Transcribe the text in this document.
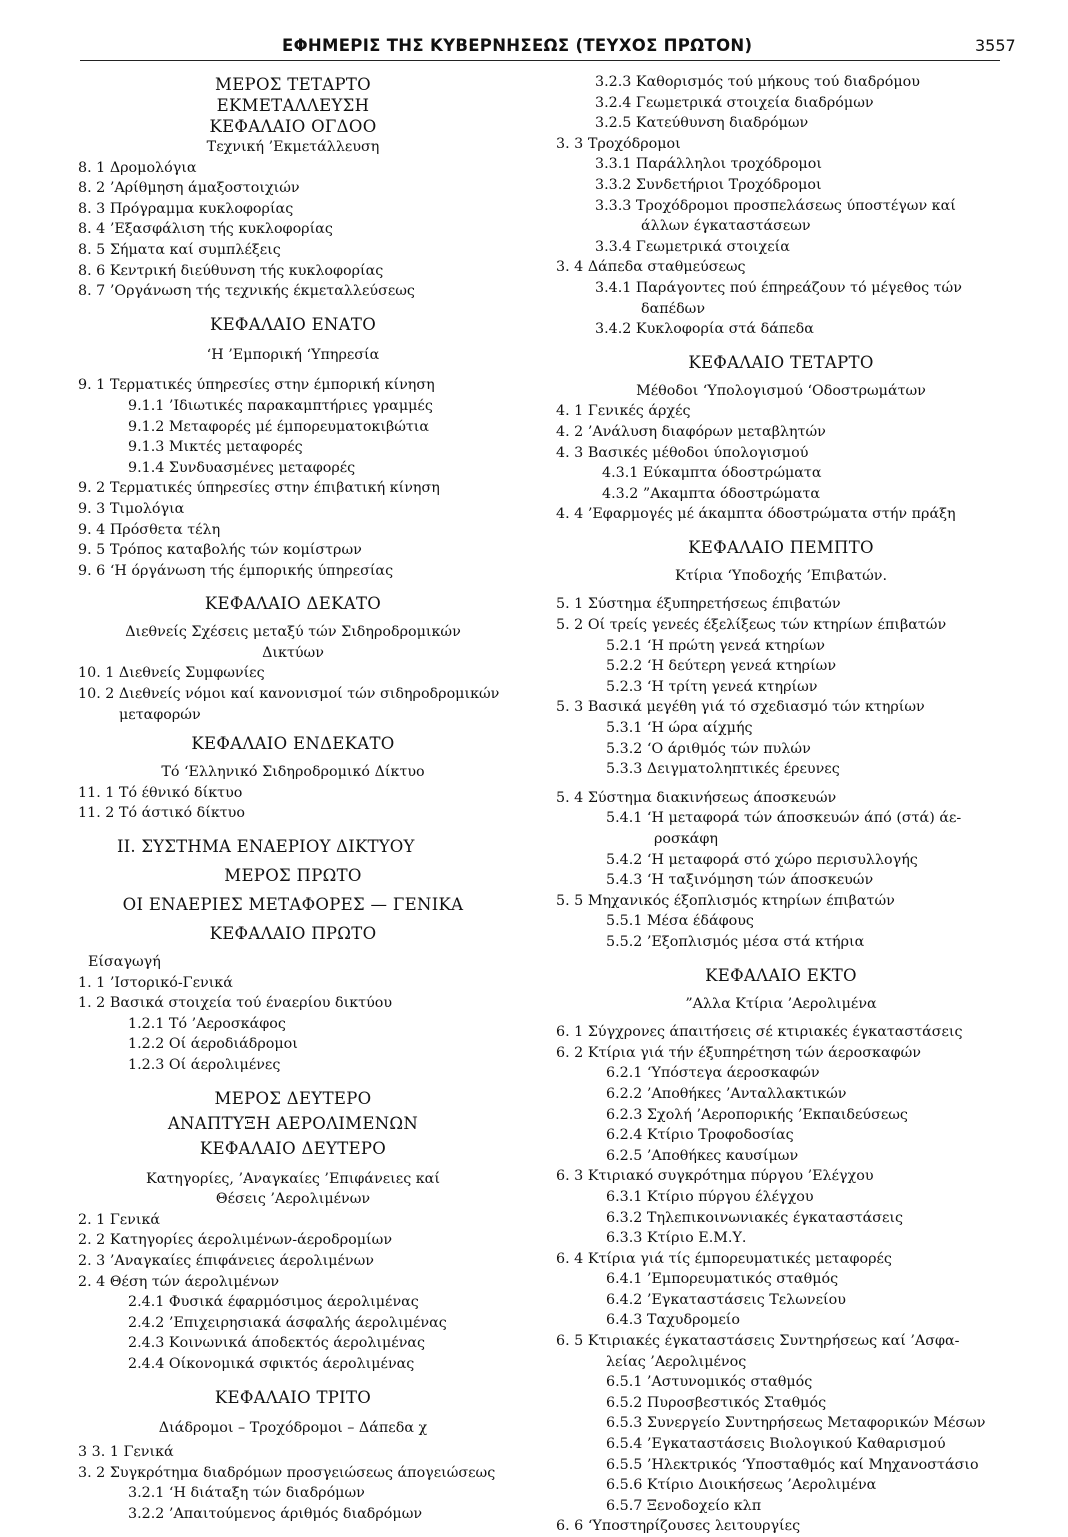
ΕΦΗΜΕΡΙΣ ΤΗΣ ΚΥΒΕΡΝΗΣΕΩΣ (ΤΕΥΧΟΣ ΠΡΩΤΟΝ)	3557
ΜΕΡΟΣ ΤΕΤΑΡΤΟ
ΕΚΜΕΤΑΛΛΕΥΣΗ
ΚΕΦΑΛΑΙΟ ΟΓΔΟΟ
Τεχνική ’Εκμετάλλευση
8. 1 Δρομολόγια
8. 2 ’Αρίθμηση άμαξοστοιχιών
8. 3 Πρόγραμμα κυκλοφορίας
8. 4 ’Εξασφάλιση τής κυκλοφορίας
8. 5 Σήματα καί συμπλέξεις
8. 6 Κεντρική διεύθυνση τής κυκλοφορίας
8. 7 ’Οργάνωση τής τεχνικής έκμεταλλεύσεως
ΚΕΦΑΛΑΙΟ ΕΝΑΤΟ
‘Η ’Εμπορική ‘Υπηρεσία
9. 1 Τερματικές ύπηρεσίες στην έμπορική κίνηση
9.1.1 ’Ιδιωτικές παρακαμπτήριες γραμμές
9.1.2 Μεταφορές μέ έμπορευματοκιβώτια
9.1.3 Μικτές μεταφορές
9.1.4 Συνδυασμένες μεταφορές
9. 2 Τερματικές ύπηρεσίες στην έπιβατική κίνηση
9. 3 Τιμολόγια
9. 4 Πρόσθετα τέλη
9. 5 Τρόπος καταβολής τών κομίστρων
9. 6 ‘Η όργάνωση τής έμπορικής ύπηρεσίας
ΚΕΦΑΛΑΙΟ ΔΕΚΑΤΟ
Διεθνείς Σχέσεις μεταξύ τών Σιδηροδρομικών
Δικτύων
10. 1 Διεθνείς Συμφωνίες
10. 2 Διεθνείς νόμοι καί κανονισμοί τών σιδηροδρομικών
μεταφορών
ΚΕΦΑΛΑΙΟ ΕΝΔΕΚΑΤΟ
Τό ‘Ελληνικό Σιδηροδρομικό Δίκτυο
11. 1 Τό έθνικό δίκτυο
11. 2 Τό άστικό δίκτυο
ΙΙ. ΣΥΣΤΗΜΑ ΕΝΑΕΡΙΟΥ ΔΙΚΤΥΟΥ
ΜΕΡΟΣ ΠΡΩΤΟ
ΟΙ ΕΝΑΕΡΙΕΣ ΜΕΤΑΦΟΡΕΣ — ΓΕΝΙΚΑ
ΚΕΦΑΛΑΙΟ ΠΡΩΤΟ
Είσαγωγή
1. 1 ’Ιστορικό-Γενικά
1. 2 Βασικά στοιχεία τού έναερίου δικτύου
1.2.1 Τό ’Αεροσκάφος
1.2.2 Οί άεροδιάδρομοι
1.2.3 Οί άερολιμένες
ΜΕΡΟΣ ΔΕΥΤΕΡΟ
ΑΝΑΠΤΥΞΗ ΑΕΡΟΛΙΜΕΝΩΝ
ΚΕΦΑΛΑΙΟ ΔΕΥΤΕΡΟ
Κατηγορίες, ’Αναγκαίες ’Επιφάνειες καί
Θέσεις ’Αερολιμένων
2. 1 Γενικά
2. 2 Κατηγορίες άερολιμένων-άεροδρομίων
2. 3 ’Αναγκαίες έπιφάνειες άερολιμένων
2. 4 Θέση τών άερολιμένων
2.4.1 Φυσικά έφαρμόσιμος άερολιμένας
2.4.2 ’Επιχειρησιακά άσφαλής άερολιμένας
2.4.3 Κοινωνικά άποδεκτός άερολιμένας
2.4.4 Οίκονομικά σφικτός άερολιμένας
ΚΕΦΑΛΑΙΟ ΤΡΙΤΟ
Διάδρομοι – Τροχόδρομοι – Δάπεδα χ
3 3. 1 Γενικά
3. 2 Συγκρότημα διαδρόμων προσγειώσεως άπογειώσεως
3.2.1 ‘Η διάταξη τών διαδρόμων
3.2.2 ’Απαιτούμενος άριθμός διαδρόμων
3.2.3 Καθορισμός τού μήκους τού διαδρόμου
3.2.4 Γεωμετρικά στοιχεία διαδρόμων
3.2.5 Κατεύθυνση διαδρόμων
3. 3 Τροχόδρομοι
3.3.1 Παράλληλοι τροχόδρομοι
3.3.2 Συνδετήριοι Τροχόδρομοι
3.3.3 Τροχόδρομοι προσπελάσεως ύποστέγων καί
άλλων έγκαταστάσεων
3.3.4 Γεωμετρικά στοιχεία
3. 4 Δάπεδα σταθμεύσεως
3.4.1 Παράγοντες πού έπηρεάζουν τό μέγεθος τών
δαπέδων
3.4.2 Κυκλοφορία στά δάπεδα
ΚΕΦΑΛΑΙΟ ΤΕΤΑΡΤΟ
Μέθοδοι ‘Υπολογισμού ‘Οδοστρωμάτων
4. 1 Γενικές άρχές
4. 2 ’Ανάλυση διαφόρων μεταβλητών
4. 3 Βασικές μέθοδοι ύπολογισμού
4.3.1 Εύκαμπτα όδοστρώματα
4.3.2 ”Ακαμπτα όδοστρώματα
4. 4 ’Εφαρμογές μέ άκαμπτα όδοστρώματα στήν πράξη
ΚΕΦΑΛΑΙΟ ΠΕΜΠΤΟ
Κτίρια ‘Υποδοχής ’Επιβατών.
5. 1 Σύστημα έξυπηρετήσεως έπιβατών
5. 2 Οί τρείς γενεές έξελίξεως τών κτηρίων έπιβατών
5.2.1 ‘Η πρώτη γενεά κτηρίων
5.2.2 ‘Η δεύτερη γενεά κτηρίων
5.2.3 ‘Η τρίτη γενεά κτηρίων
5. 3 Βασικά μεγέθη γιά τό σχεδιασμό τών κτηρίων
5.3.1 ‘Η ώρα αίχμής
5.3.2 ‘Ο άριθμός τών πυλών
5.3.3 Δειγματοληπτικές έρευνες
5. 4 Σύστημα διακινήσεως άποσκευών
5.4.1 ‘Η μεταφορά τών άποσκευών άπό (στά) άε-
ροσκάφη
5.4.2 ‘Η μεταφορά στό χώρο περισυλλογής
5.4.3 ‘Η ταξινόμηση τών άποσκευών
5. 5 Μηχανικός έξοπλισμός κτηρίων έπιβατών
5.5.1 Μέσα έδάφους
5.5.2 ’Εξοπλισμός μέσα στά κτήρια
ΚΕΦΑΛΑΙΟ ΕΚΤΟ
”Αλλα Κτίρια ’Αερολιμένα
6. 1 Σύγχρονες άπαιτήσεις σέ κτιριακές έγκαταστάσεις
6. 2 Κτίρια γιά τήν έξυπηρέτηση τών άεροσκαφών
6.2.1 ‘Υπόστεγα άεροσκαφών
6.2.2 ’Αποθήκες ’Ανταλλακτικών
6.2.3 Σχολή ’Αεροπορικής ’Εκπαιδεύσεως
6.2.4 Κτίριο Τροφοδοσίας
6.2.5 ’Αποθήκες καυσίμων
6. 3 Κτιριακό συγκρότημα πύργου ’Ελέγχου
6.3.1 Κτίριο πύργου έλέγχου
6.3.2 Τηλεπικοινωνιακές έγκαταστάσεις
6.3.3 Κτίριο Ε.Μ.Υ.
6. 4 Κτίρια γιά τίς έμπορευματικές μεταφορές
6.4.1 ’Εμπορευματικός σταθμός
6.4.2 ’Εγκαταστάσεις Τελωνείου
6.4.3 Ταχυδρομείο
6. 5 Κτιριακές έγκαταστάσεις Συντηρήσεως καί ’Ασφα-
λείας ’Αερολιμένος
6.5.1 ’Αστυνομικός σταθμός
6.5.2 Πυροσβεστικός Σταθμός
6.5.3 Συνεργείο Συντηρήσεως Μεταφορικών Μέσων
6.5.4 ’Εγκαταστάσεις Βιολογικού Καθαρισμού
6.5.5 ’Ηλεκτρικός ‘Υποσταθμός καί Μηχανοστάσιο
6.5.6 Κτίριο Διοικήσεως ’Αερολιμένα
6.5.7 Ξενοδοχείο κλπ
6. 6 ‘Υποστηρίζουσες λειτουργίες
